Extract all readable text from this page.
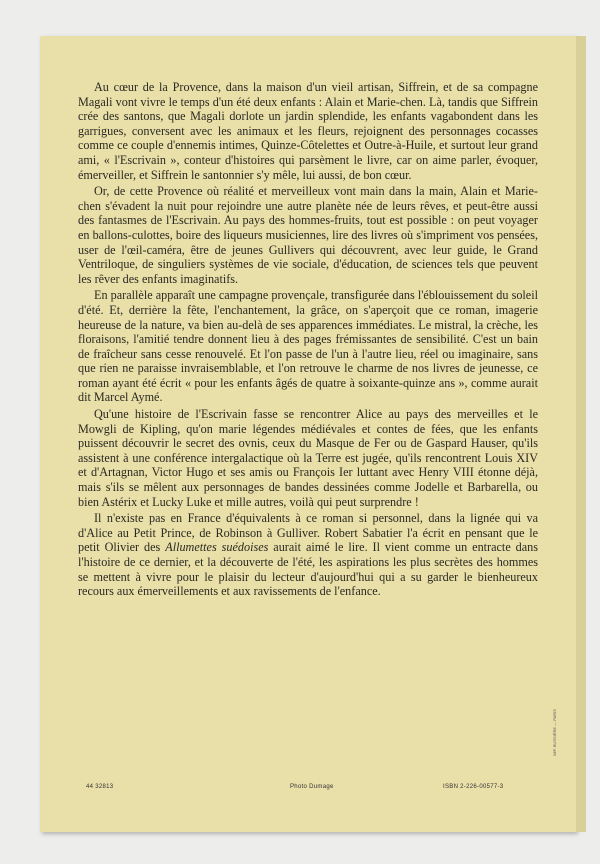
Au cœur de la Provence, dans la maison d'un vieil artisan, Siffrein, et de sa compagne Magali vont vivre le temps d'un été deux enfants : Alain et Marie-chen. Là, tandis que Siffrein crée des santons, que Magali dorlote un jardin splendide, les enfants vagabondent dans les garrigues, conversent avec les animaux et les fleurs, rejoignent des personnages cocasses comme ce couple d'ennemis intimes, Quinze-Côtelettes et Outre-à-Huile, et surtout leur grand ami, « l'Escrivain », conteur d'histoires qui parsèment le livre, car on aime parler, évoquer, émerveiller, et Siffrein le santonnier s'y mêle, lui aussi, de bon cœur.

Or, de cette Provence où réalité et merveilleux vont main dans la main, Alain et Marie-chen s'évadent la nuit pour rejoindre une autre planète née de leurs rêves, et peut-être aussi des fantasmes de l'Escrivain. Au pays des hommes-fruits, tout est possible : on peut voyager en ballons-culottes, boire des liqueurs musiciennes, lire des livres où s'impriment vos pensées, user de l'œil-caméra, être de jeunes Gullivers qui découvrent, avec leur guide, le Grand Ventriloque, de singuliers systèmes de vie sociale, d'éducation, de sciences tels que peuvent les rêver des enfants imaginatifs.

En parallèle apparaît une campagne provençale, transfigurée dans l'éblouissement du soleil d'été. Et, derrière la fête, l'enchantement, la grâce, on s'aperçoit que ce roman, imagerie heureuse de la nature, va bien au-delà de ses apparences immédiates. Le mistral, la crèche, les floraisons, l'amitié tendre donnent lieu à des pages frémissantes de sensibilité. C'est un bain de fraîcheur sans cesse renouvelé. Et l'on passe de l'un à l'autre lieu, réel ou imaginaire, sans que rien ne paraisse invraisemblable, et l'on retrouve le charme de nos livres de jeunesse, ce roman ayant été écrit « pour les enfants âgés de quatre à soixante-quinze ans », comme aurait dit Marcel Aymé.

Qu'une histoire de l'Escrivain fasse se rencontrer Alice au pays des merveilles et le Mowgli de Kipling, qu'on marie légendes médiévales et contes de fées, que les enfants puissent découvrir le secret des ovnis, ceux du Masque de Fer ou de Gaspard Hauser, qu'ils assistent à une conférence intergalactique où la Terre est jugée, qu'ils rencontrent Louis XIV et d'Artagnan, Victor Hugo et ses amis ou François Ier luttant avec Henry VIII étonne déjà, mais s'ils se mêlent aux personnages de bandes dessinées comme Jodelle et Barbarella, ou bien Astérix et Lucky Luke et mille autres, voilà qui peut surprendre !

Il n'existe pas en France d'équivalents à ce roman si personnel, dans la lignée qui va d'Alice au Petit Prince, de Robinson à Gulliver. Robert Sabatier l'a écrit en pensant que le petit Olivier des Allumettes suédoises aurait aimé le lire. Il vient comme un entracte dans l'histoire de ce dernier, et la découverte de l'été, les aspirations les plus secrètes des hommes se mettent à vivre pour le plaisir du lecteur d'aujourd'hui qui a su garder le bienheureux recours aux émerveillements et aux ravissements de l'enfance.

44 32813	Photo Dumage	ISBN 2-226-00577-3
IMP. BUSSIÈRE — PARIS
